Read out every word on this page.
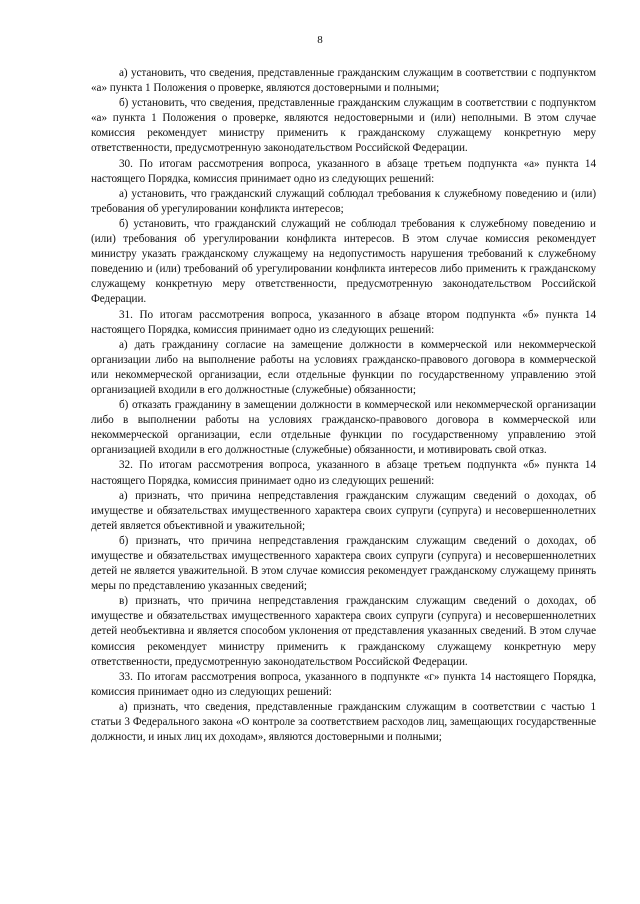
8

а) установить, что сведения, представленные гражданским служащим в соответствии с подпунктом «а» пункта 1 Положения о проверке, являются достоверными и полными;

б) установить, что сведения, представленные гражданским служащим в соответствии с подпунктом «а» пункта 1 Положения о проверке, являются недостоверными и (или) неполными. В этом случае комиссия рекомендует министру применить к гражданскому служащему конкретную меру ответственности, предусмотренную законодательством Российской Федерации.

30. По итогам рассмотрения вопроса, указанного в абзаце третьем подпункта «а» пункта 14 настоящего Порядка, комиссия принимает одно из следующих решений:

а) установить, что гражданский служащий соблюдал требования к служебному поведению и (или) требования об урегулировании конфликта интересов;

б) установить, что гражданский служащий не соблюдал требования к служебному поведению и (или) требования об урегулировании конфликта интересов. В этом случае комиссия рекомендует министру указать гражданскому служащему на недопустимость нарушения требований к служебному поведению и (или) требований об урегулировании конфликта интересов либо применить к гражданскому служащему конкретную меру ответственности, предусмотренную законодательством Российской Федерации.

31. По итогам рассмотрения вопроса, указанного в абзаце втором подпункта «б» пункта 14 настоящего Порядка, комиссия принимает одно из следующих решений:

а) дать гражданину согласие на замещение должности в коммерческой или некоммерческой организации либо на выполнение работы на условиях гражданско-правового договора в коммерческой или некоммерческой организации, если отдельные функции по государственному управлению этой организацией входили в его должностные (служебные) обязанности;

б) отказать гражданину в замещении должности в коммерческой или некоммерческой организации либо в выполнении работы на условиях гражданско-правового договора в коммерческой или некоммерческой организации, если отдельные функции по государственному управлению этой организацией входили в его должностные (служебные) обязанности, и мотивировать свой отказ.

32. По итогам рассмотрения вопроса, указанного в абзаце третьем подпункта «б» пункта 14 настоящего Порядка, комиссия принимает одно из следующих решений:

а) признать, что причина непредставления гражданским служащим сведений о доходах, об имуществе и обязательствах имущественного характера своих супруги (супруга) и несовершеннолетних детей является объективной и уважительной;

б) признать, что причина непредставления гражданским служащим сведений о доходах, об имуществе и обязательствах имущественного характера своих супруги (супруга) и несовершеннолетних детей не является уважительной. В этом случае комиссия рекомендует гражданскому служащему принять меры по представлению указанных сведений;

в) признать, что причина непредставления гражданским служащим сведений о доходах, об имуществе и обязательствах имущественного характера своих супруги (супруга) и несовершеннолетних детей необъективна и является способом уклонения от представления указанных сведений. В этом случае комиссия рекомендует министру применить к гражданскому служащему конкретную меру ответственности, предусмотренную законодательством Российской Федерации.

33. По итогам рассмотрения вопроса, указанного в подпункте «г» пункта 14 настоящего Порядка, комиссия принимает одно из следующих решений:

а) признать, что сведения, представленные гражданским служащим в соответствии с частью 1 статьи 3 Федерального закона «О контроле за соответствием расходов лиц, замещающих государственные должности, и иных лиц их доходам», являются достоверными и полными;
